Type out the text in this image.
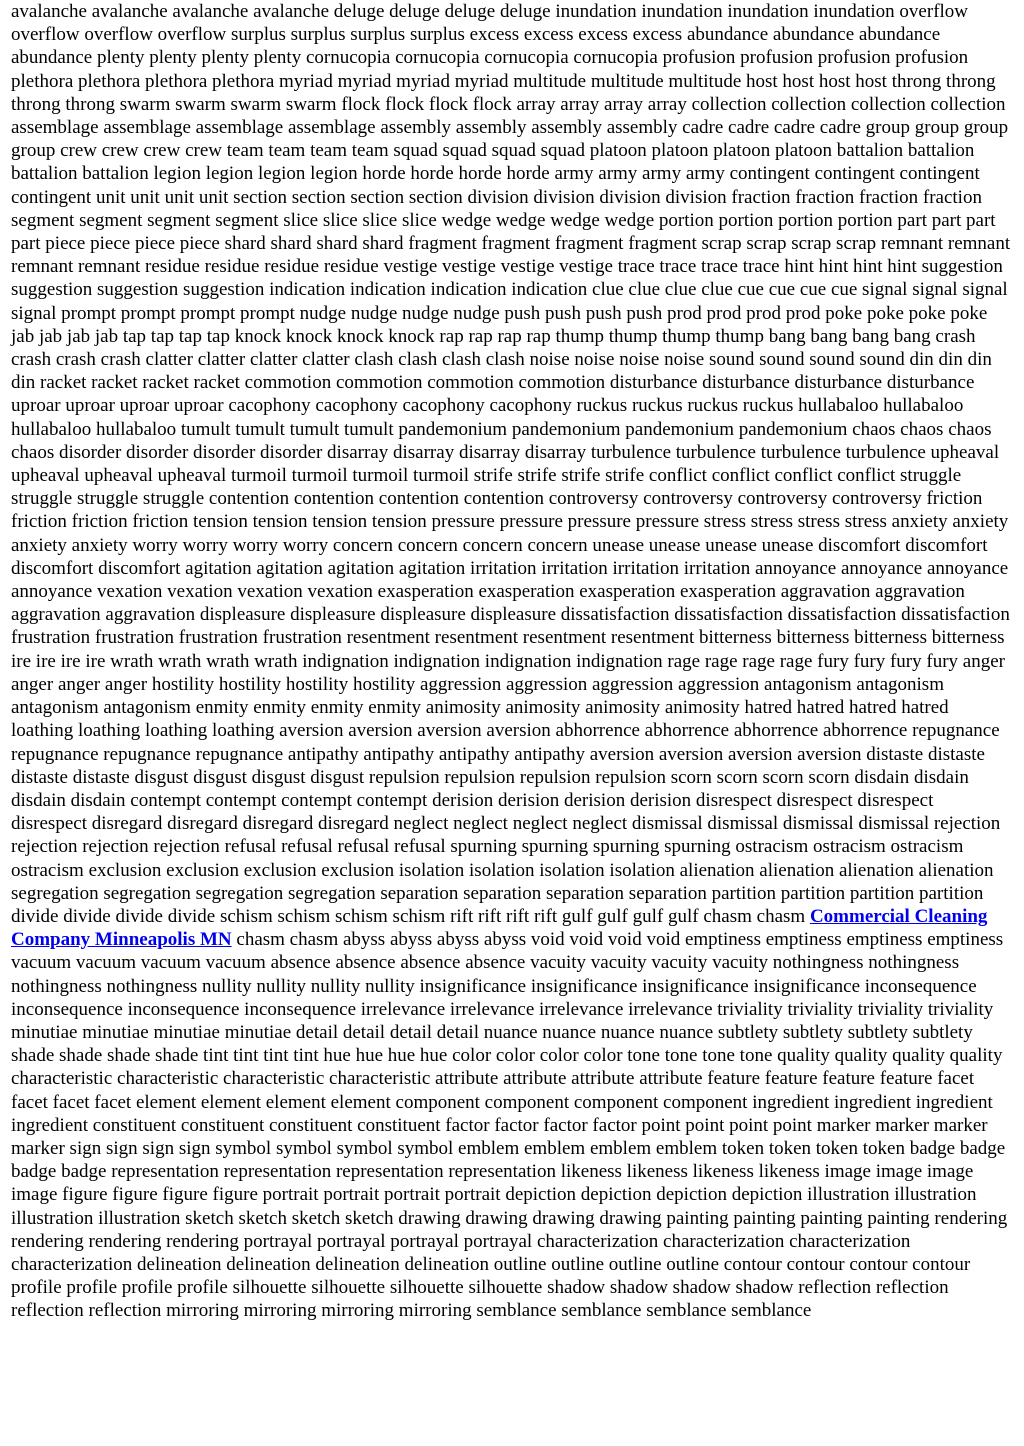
avalanche avalanche avalanche avalanche deluge deluge deluge deluge inundation inundation inundation inundation overflow overflow overflow overflow surplus surplus surplus surplus excess excess excess excess abundance abundance abundance abundance plenty plenty plenty plenty cornucopia cornucopia cornucopia cornucopia profusion profusion profusion profusion plethora plethora plethora plethora myriad myriad myriad myriad multitude multitude multitude host host host host throng throng throng throng swarm swarm swarm swarm flock flock flock flock array array array array collection collection collection collection assemblage assemblage assemblage assemblage assembly assembly assembly assembly cadre cadre cadre cadre group group group group crew crew crew crew team team team team squad squad squad squad platoon platoon platoon platoon battalion battalion battalion battalion legion legion legion legion horde horde horde horde army army army army contingent contingent contingent contingent unit unit unit unit section section section section division division division division fraction fraction fraction fraction segment segment segment segment slice slice slice slice wedge wedge wedge wedge portion portion portion portion part part part part piece piece piece piece shard shard shard shard fragment fragment fragment fragment scrap scrap scrap scrap remnant remnant remnant remnant residue residue residue residue vestige vestige vestige vestige trace trace trace trace hint hint hint hint suggestion suggestion suggestion suggestion indication indication indication indication clue clue clue clue cue cue cue cue signal signal signal signal prompt prompt prompt prompt nudge nudge nudge nudge push push push push prod prod prod prod poke poke poke poke jab jab jab jab tap tap tap tap knock knock knock knock rap rap rap rap thump thump thump thump bang bang bang bang crash crash crash crash clatter clatter clatter clatter clash clash clash clash noise noise noise noise sound sound sound sound din din din din racket racket racket racket commotion commotion commotion commotion disturbance disturbance disturbance disturbance uproar uproar uproar uproar cacophony cacophony cacophony cacophony ruckus ruckus ruckus ruckus hullabaloo hullabaloo hullabaloo hullabaloo tumult tumult tumult tumult pandemonium pandemonium pandemonium pandemonium chaos chaos chaos chaos disorder disorder disorder disorder disarray disarray disarray disarray turbulence turbulence turbulence turbulence upheaval upheaval upheaval upheaval turmoil turmoil turmoil turmoil strife strife strife strife conflict conflict conflict conflict struggle struggle struggle struggle contention contention contention contention controversy controversy controversy controversy friction friction friction friction tension tension tension tension pressure pressure pressure pressure stress stress stress stress anxiety anxiety anxiety anxiety worry worry worry worry concern concern concern concern unease unease unease unease discomfort discomfort discomfort discomfort agitation agitation agitation agitation irritation irritation irritation irritation annoyance annoyance annoyance annoyance vexation vexation vexation vexation exasperation exasperation exasperation exasperation aggravation aggravation aggravation aggravation displeasure displeasure displeasure displeasure dissatisfaction dissatisfaction dissatisfaction dissatisfaction frustration frustration frustration frustration resentment resentment resentment resentment bitterness bitterness bitterness bitterness ire ire ire ire wrath wrath wrath wrath indignation indignation indignation indignation rage rage rage rage fury fury fury fury anger anger anger anger hostility hostility hostility hostility aggression aggression aggression aggression antagonism antagonism antagonism antagonism enmity enmity enmity enmity animosity animosity animosity animosity hatred hatred hatred hatred loathing loathing loathing loathing aversion aversion aversion aversion abhorrence abhorrence abhorrence abhorrence repugnance repugnance repugnance repugnance antipathy antipathy antipathy antipathy aversion aversion aversion aversion distaste distaste distaste distaste disgust disgust disgust disgust repulsion repulsion repulsion repulsion scorn scorn scorn scorn disdain disdain disdain disdain contempt contempt contempt contempt derision derision derision derision disrespect disrespect disrespect disrespect disregard disregard disregard disregard neglect neglect neglect neglect dismissal dismissal dismissal dismissal rejection rejection rejection rejection refusal refusal refusal refusal spurning spurning spurning spurning ostracism ostracism ostracism ostracism exclusion exclusion exclusion exclusion isolation isolation isolation isolation alienation alienation alienation alienation segregation segregation segregation segregation separation separation separation separation partition partition partition partition divide divide divide divide schism schism schism schism rift rift rift rift gulf gulf gulf gulf chasm chasm Commercial Cleaning Company Minneapolis MN chasm chasm abyss abyss abyss abyss void void void void emptiness emptiness emptiness emptiness vacuum vacuum vacuum vacuum absence absence absence absence vacuity vacuity vacuity vacuity nothingness nothingness nothingness nothingness nullity nullity nullity nullity insignificance insignificance insignificance insignificance inconsequence inconsequence inconsequence inconsequence irrelevance irrelevance irrelevance irrelevance triviality triviality triviality triviality minutiae minutiae minutiae minutiae detail detail detail detail nuance nuance nuance nuance subtlety subtlety subtlety subtlety shade shade shade shade tint tint tint tint hue hue hue hue color color color color tone tone tone tone quality quality quality quality characteristic characteristic characteristic characteristic attribute attribute attribute attribute feature feature feature feature facet facet facet facet element element element element component component component component ingredient ingredient ingredient ingredient constituent constituent constituent constituent factor factor factor factor point point point point marker marker marker marker sign sign sign sign symbol symbol symbol symbol emblem emblem emblem emblem token token token token badge badge badge badge representation representation representation representation likeness likeness likeness likeness image image image image figure figure figure figure portrait portrait portrait portrait depiction depiction depiction depiction illustration illustration illustration illustration sketch sketch sketch sketch drawing drawing drawing drawing painting painting painting painting rendering rendering rendering rendering portrayal portrayal portrayal portrayal characterization characterization characterization characterization delineation delineation delineation delineation outline outline outline outline contour contour contour contour profile profile profile profile silhouette silhouette silhouette silhouette shadow shadow shadow shadow reflection reflection reflection reflection mirroring mirroring mirroring mirroring semblance semblance semblance semblance
